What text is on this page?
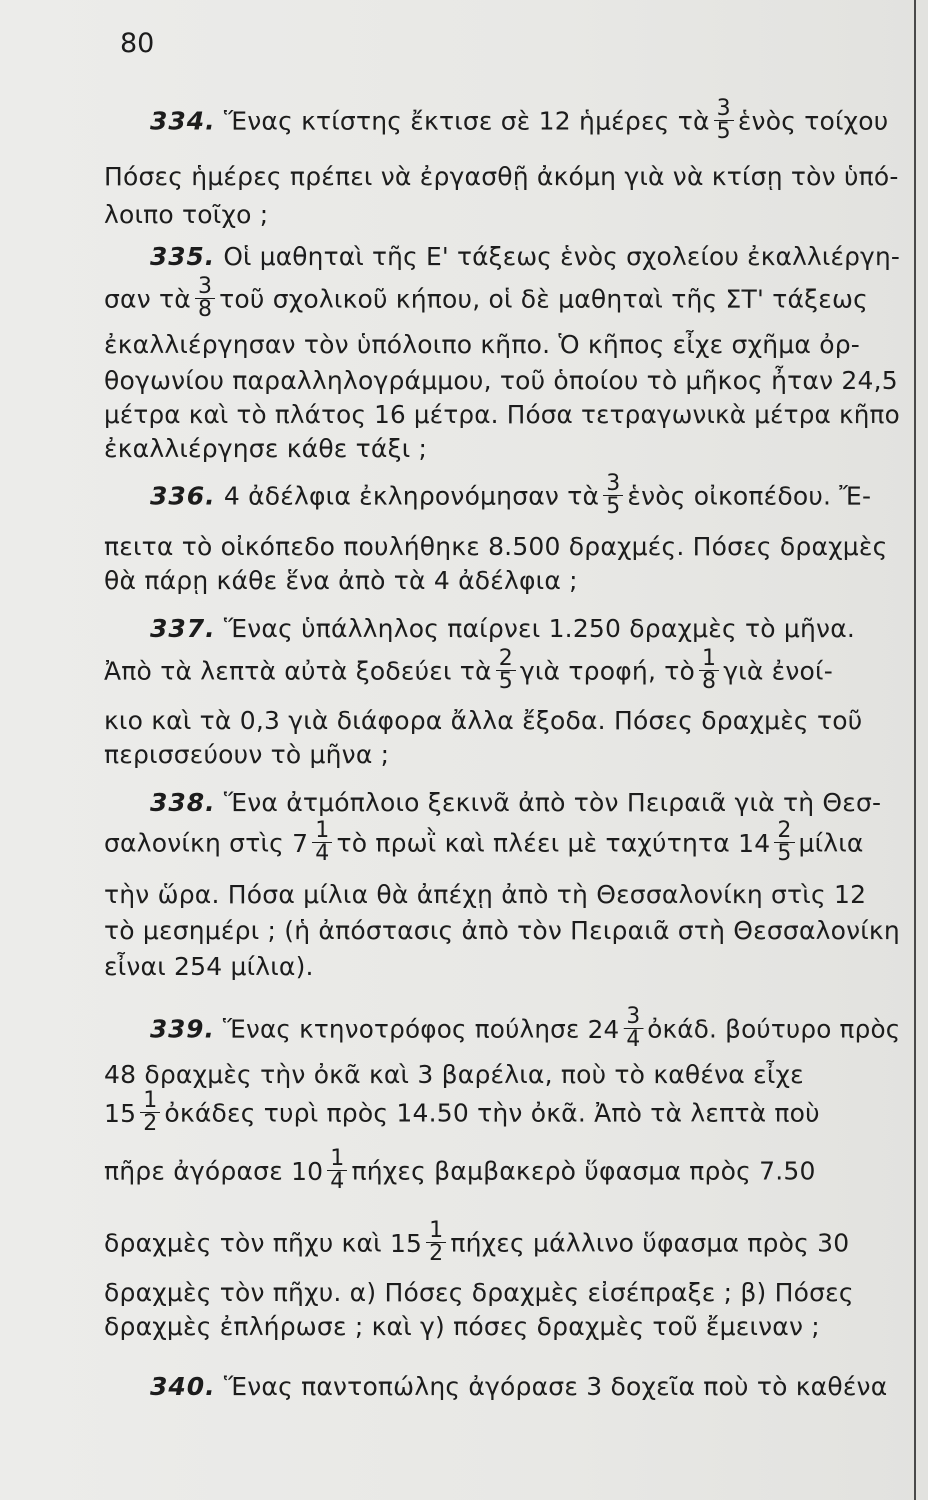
80
334. Ἕνας κτίστης ἔκτισε σὲ 12 ἡμέρες τὰ $\frac{3}{5}$ ἑνὸς τοίχου
Πόσες ἡμέρες πρέπει νὰ ἐργασθῇ ἀκόμη γιὰ νὰ κτίσῃ τὸν ὑπό-
λοιπο τοῖχο ;
335. Οἱ μαθηταὶ τῆς Ε' τάξεως ἑνὸς σχολείου ἐκαλλιέργη-
σαν τὰ $\frac{3}{8}$ τοῦ σχολικοῦ κήπου, οἱ δὲ μαθηταὶ τῆς ΣΤ' τάξεως
ἐκαλλιέργησαν τὸν ὑπόλοιπο κῆπο. Ὁ κῆπος εἶχε σχῆμα ὀρ-
θογωνίου παραλληλογράμμου, τοῦ ὁποίου τὸ μῆκος ἦταν 24,5
μέτρα καὶ τὸ πλάτος 16 μέτρα. Πόσα τετραγωνικὰ μέτρα κῆπο
ἐκαλλιέργησε κάθε τάξι ;
336. 4 ἀδέλφια ἐκληρονόμησαν τὰ $\frac{3}{5}$ ἑνὸς οἰκοπέδου. Ἔ-
πειτα τὸ οἰκόπεδο πουλήθηκε 8.500 δραχμές. Πόσες δραχμὲς
θὰ πάρῃ κάθε ἕνα ἀπὸ τὰ 4 ἀδέλφια ;
337. Ἕνας ὑπάλληλος παίρνει 1.250 δραχμὲς τὸ μῆνα.
Ἀπὸ τὰ λεπτὰ αὐτὰ ξοδεύει τὰ $\frac{2}{5}$ γιὰ τροφή, τὸ $\frac{1}{8}$ γιὰ ἐνοί-
κιο καὶ τὰ 0,3 γιὰ διάφορα ἄλλα ἔξοδα. Πόσες δραχμὲς τοῦ
περισσεύουν τὸ μῆνα ;
338. Ἕνα ἀτμόπλοιο ξεκινᾶ ἀπὸ τὸν Πειραιᾶ γιὰ τὴ Θεσ-
σαλονίκη στὶς $7 \frac{1}{4}$ τὸ πρωῒ καὶ πλέει μὲ ταχύτητα $14 \frac{2}{5}$ μίλια
τὴν ὥρα. Πόσα μίλια θὰ ἀπέχῃ ἀπὸ τὴ Θεσσαλονίκη στὶς 12
τὸ μεσημέρι ; (ἡ ἀπόστασις ἀπὸ τὸν Πειραιᾶ στὴ Θεσσαλονίκη
εἶναι 254 μίλια).
339. Ἕνας κτηνοτρόφος πούλησε $24 \frac{3}{4}$ ὀκάδ. βούτυρο πρὸς
48 δραχμὲς τὴν ὀκᾶ καὶ 3 βαρέλια, ποὺ τὸ καθένα εἶχε
$15 \frac{1}{2}$ ὀκάδες τυρὶ πρὸς 14.50 τὴν ὀκᾶ. Ἀπὸ τὰ λεπτὰ ποὺ
πῆρε ἀγόρασε $10 \frac{1}{4}$ πήχες βαμβακερὸ ὕφασμα πρὸς 7.50
δραχμὲς τὸν πῆχυ καὶ $15 \frac{1}{2}$ πήχες μάλλινο ὕφασμα πρὸς 30
δραχμὲς τὸν πῆχυ. α) Πόσες δραχμὲς εἰσέπραξε ; β) Πόσες
δραχμὲς ἐπλήρωσε ; καὶ γ) πόσες δραχμὲς τοῦ ἔμειναν ;
340. Ἕνας παντοπώλης ἀγόρασε 3 δοχεῖα ποὺ τὸ καθένα
